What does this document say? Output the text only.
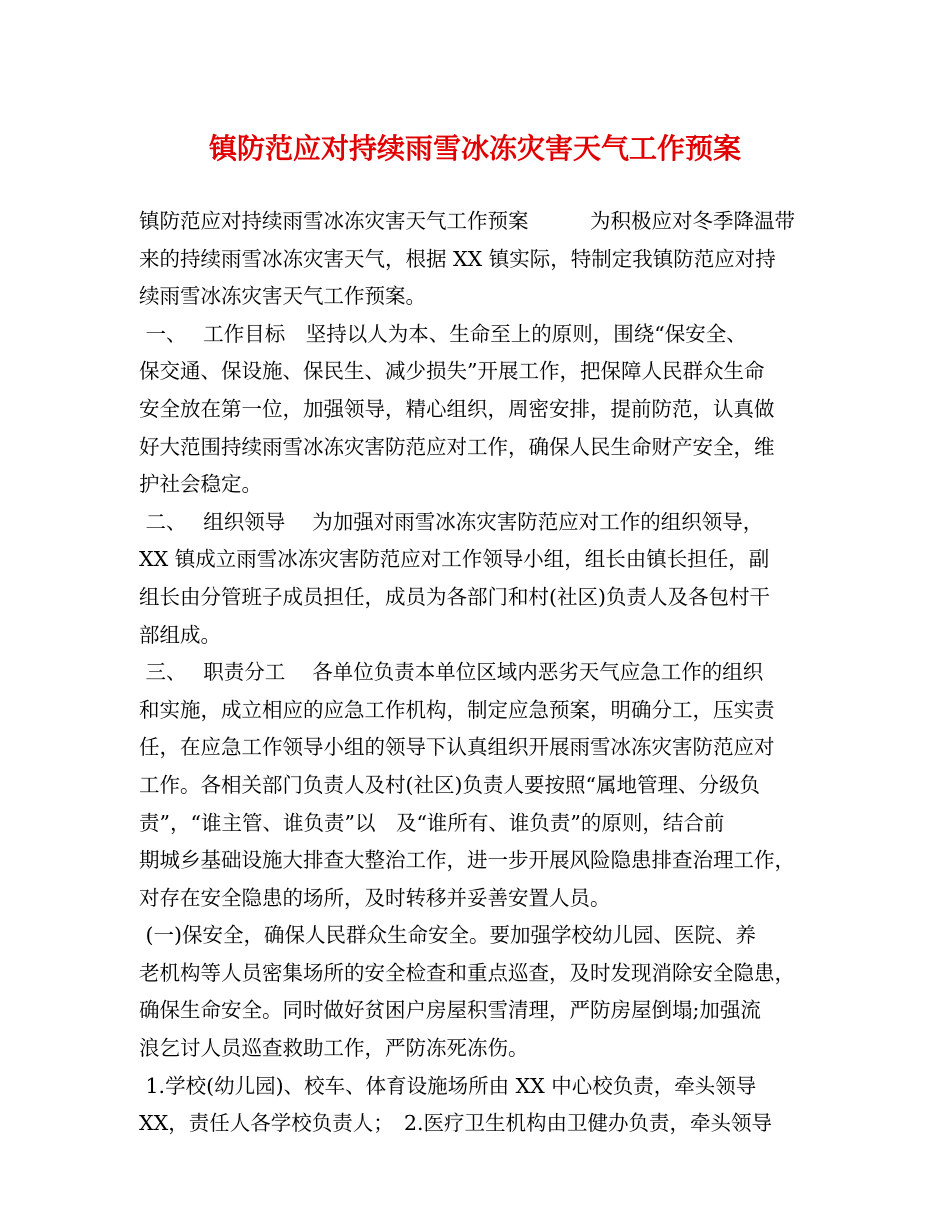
镇防范应对持续雨雪冰冻灾害天气工作预案
镇防范应对持续雨雪冰冻灾害天气工作预案　　　为积极应对冬季降温带
来的持续雨雪冰冻灾害天气，根据 XX 镇实际，特制定我镇防范应对持
续雨雪冰冻灾害天气工作预案。
一、　 工作目标　坚持以人为本、生命至上的原则，围绕“保安全、
保交通、保设施、保民生、减少损失”开展工作，把保障人民群众生命
安全放在第一位，加强领导，精心组织，周密安排，提前防范，认真做
好大范围持续雨雪冰冻灾害防范应对工作，确保人民生命财产安全，维
护社会稳定。
二、　 组织领导　 为加强对雨雪冰冻灾害防范应对工作的组织领导，
XX 镇成立雨雪冰冻灾害防范应对工作领导小组，组长由镇长担任，副
组长由分管班子成员担任，成员为各部门和村(社区)负责人及各包村干
部组成。
三、　 职责分工　 各单位负责本单位区域内恶劣天气应急工作的组织
和实施，成立相应的应急工作机构，制定应急预案，明确分工，压实责
任，在应急工作领导小组的领导下认真组织开展雨雪冰冻灾害防范应对
工作。各相关部门负责人及村(社区)负责人要按照“属地管理、分级负
责”，“谁主管、谁负责”以　及“谁所有、谁负责”的原则，结合前
期城乡基础设施大排查大整治工作，进一步开展风险隐患排查治理工作，
对存在安全隐患的场所，及时转移并妥善安置人员。
(一)保安全，确保人民群众生命安全。要加强学校幼儿园、医院、养
老机构等人员密集场所的安全检查和重点巡查，及时发现消除安全隐患，
确保生命安全。同时做好贫困户房屋积雪清理，严防房屋倒塌;加强流
浪乞讨人员巡查救助工作，严防冻死冻伤。
1.学校(幼儿园)、校车、体育设施场所由 XX 中心校负责，牵头领导
XX，责任人各学校负责人；　2.医疗卫生机构由卫健办负责，牵头领导
